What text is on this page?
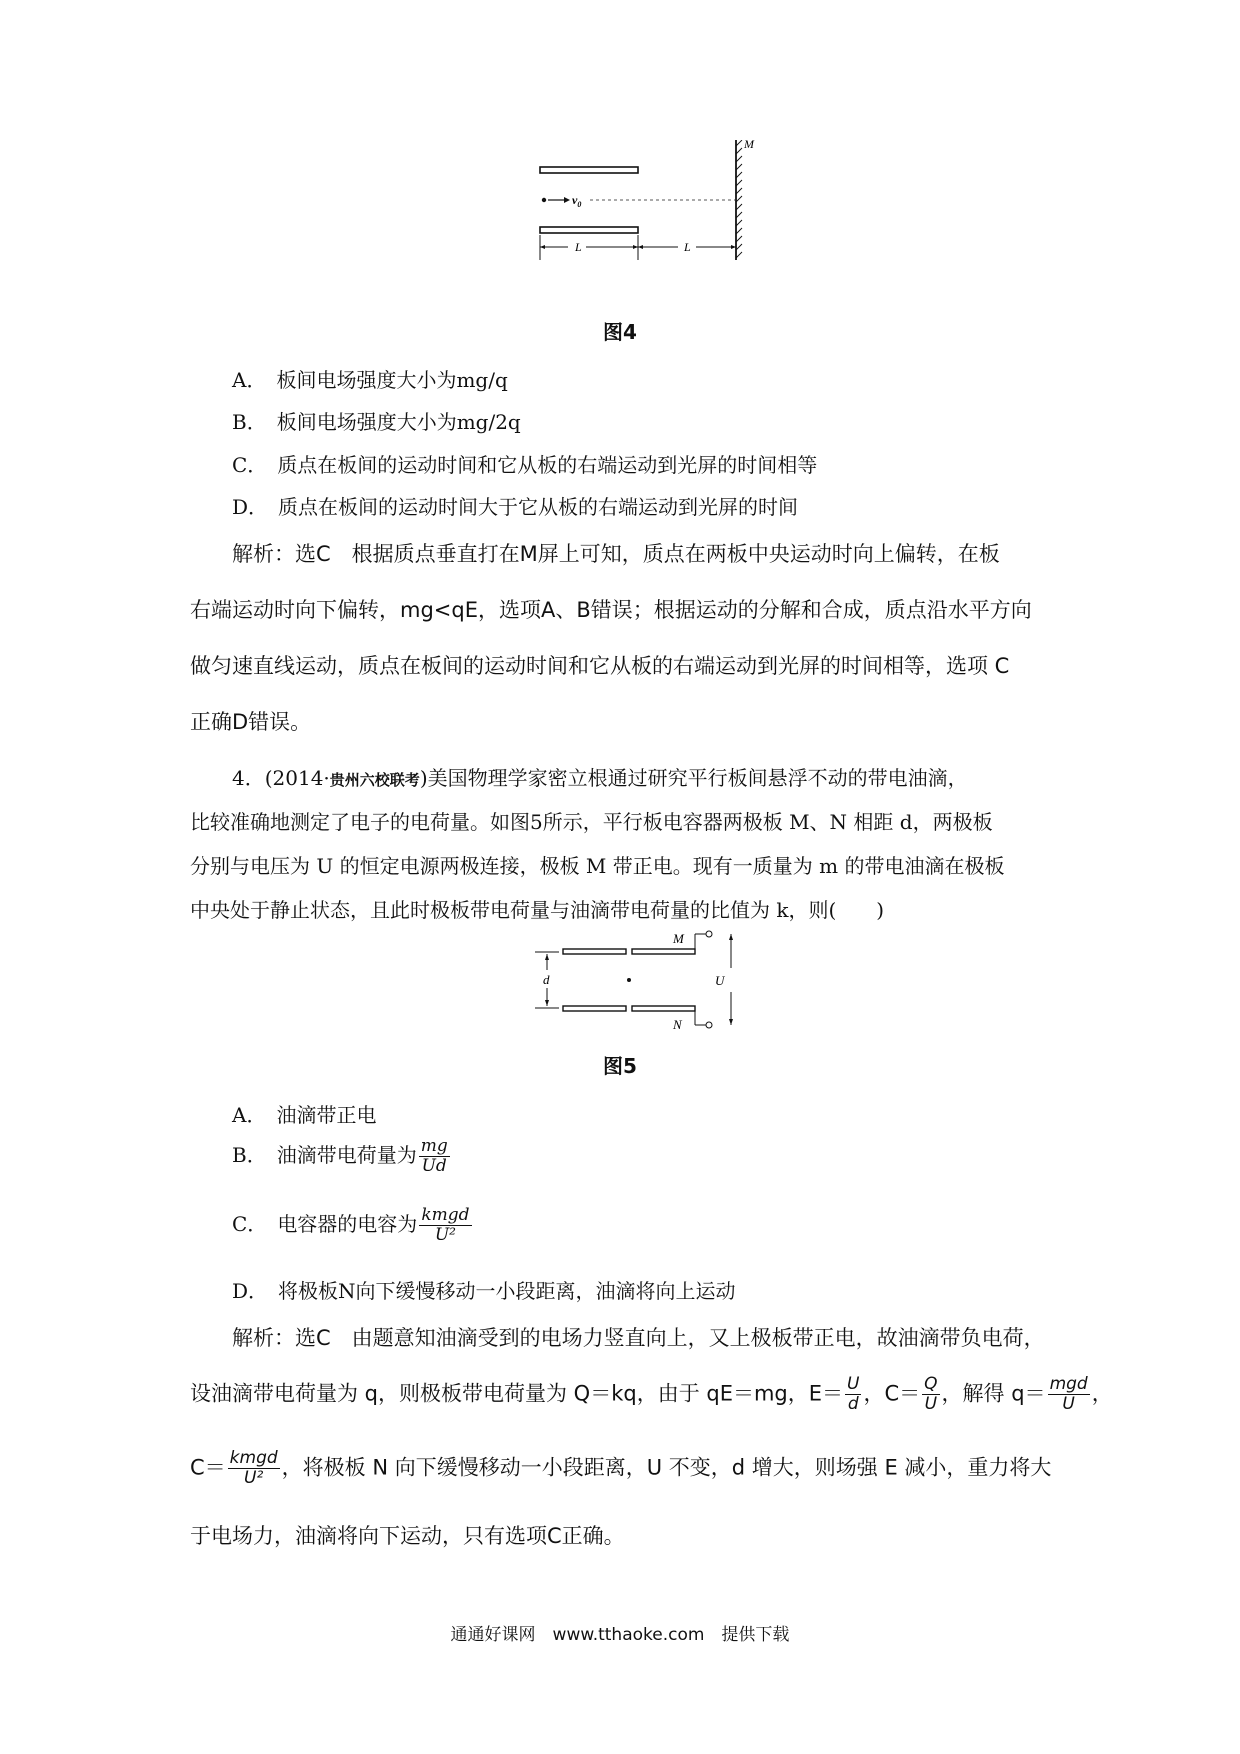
$v_0$
M
L	L
图4
A． 板间电场强度大小为mg/q
B． 板间电场强度大小为mg/2q
C． 质点在板间的运动时间和它从板的右端运动到光屏的时间相等
D． 质点在板间的运动时间大于它从板的右端运动到光屏的时间
解析：选C　根据质点垂直打在M屏上可知，质点在两板中央运动时向上偏转，在板
右端运动时向下偏转，mg<qE，选项A、B错误；根据运动的分解和合成，质点沿水平方向
做匀速直线运动，质点在板间的运动时间和它从板的右端运动到光屏的时间相等，选项 C
正确D错误。
4．(2014·贵州六校联考)美国物理学家密立根通过研究平行板间悬浮不动的带电油滴，
比较准确地测定了电子的电荷量。如图5所示，平行板电容器两极板 M、N 相距 d，两极板
分别与电压为 U 的恒定电源两极连接，极板 M 带正电。现有一质量为 m 的带电油滴在极板
中央处于静止状态，且此时极板带电荷量与油滴带电荷量的比值为 k，则(　　)
d
M
N
U
图5
A． 油滴带正电
B． 油滴带电荷量为 $\frac{mg}{Ud}$
C． 电容器的电容为 $\frac{\text{kmgd}}{\text{U²}}$
D． 将极板N向下缓慢移动一小段距离，油滴将向上运动
解析：选C　由题意知油滴受到的电场力竖直向上，又上极板带正电，故油滴带负电荷，
设油滴带电荷量为 q，则极板带电荷量为 Q＝kq，由于 qE＝mg，$E= \frac{U}{d}$ ，$C= \frac{Q}{U}$ ，解得 $q= \frac{\text{mgd}}{U}$ ，
$C= \frac{\text{kmgd}}{\text{U²}}$ ，将极板 N 向下缓慢移动一小段距离，U 不变，d 增大，则场强 E 减小，重力将大
于电场力，油滴将向下运动，只有选项C正确。
通通好课网　www.tthaoke.com　提供下载
